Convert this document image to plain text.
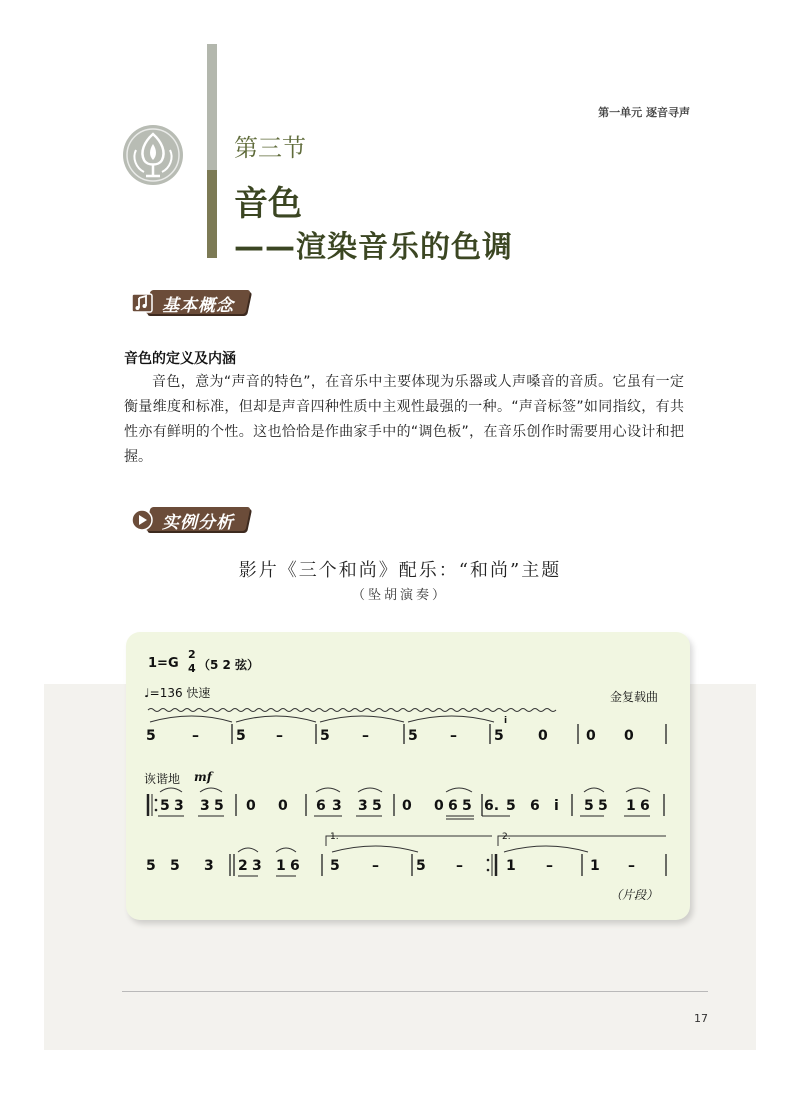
第一单元 逐音寻声
第三节
音色
——渲染音乐的色调
基本概念
音色的定义及内涵
音色，意为“声音的特色”，在音乐中主要体现为乐器或人声嗓音的音质。它虽有一定衡量维度和标准，但却是声音四种性质中主观性最强的一种。“声音标签”如同指纹，有共性亦有鲜明的个性。这也恰恰是作曲家手中的“调色板”，在音乐创作时需要用心设计和把握。
实例分析
影片《三个和尚》配乐：“和尚”主题
（坠胡演奏）
1=G
2
4 （5 2 弦）
♩=136 快速	金复载曲
5	–	5 –	5 –	5 –	5
i
0	0 0
诙谐地 mf
5 3 3 5 0 0 6 3 3 5 0 0 6 5 6. 5 6 i 5 5 1 6
5 5 3 2 3 1 6 5 –	5 –	1 –	1 –
1.	2.
（片段）
17
